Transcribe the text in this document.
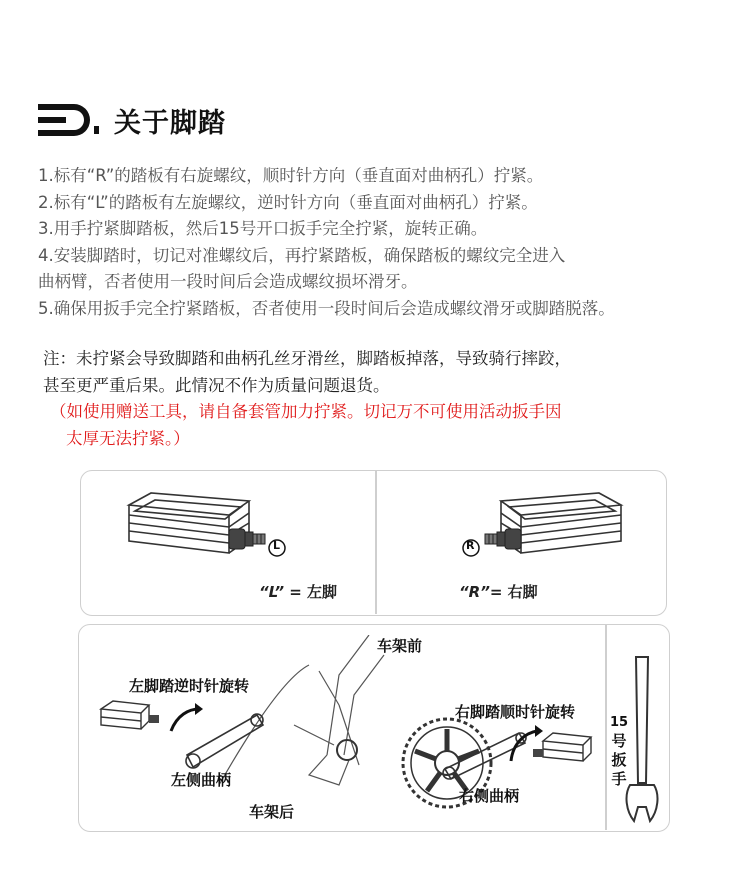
关于脚踏
1.标有“R”的踏板有右旋螺纹，顺时针方向（垂直面对曲柄孔）拧紧。
2.标有“L”的踏板有左旋螺纹，逆时针方向（垂直面对曲柄孔）拧紧。
3.用手拧紧脚踏板，然后15号开口扳手完全拧紧，旋转正确。
4.安装脚踏时，切记对准螺纹后，再拧紧踏板，确保踏板的螺纹完全进入
曲柄臂，否者使用一段时间后会造成螺纹损坏滑牙。
5.确保用扳手完全拧紧踏板，否者使用一段时间后会造成螺纹滑牙或脚踏脱落。
注：未拧紧会导致脚踏和曲柄孔丝牙滑丝，脚踏板掉落，导致骑行摔跤，
甚至更严重后果。此情况不作为质量问题退货。
（如使用赠送工具，请自备套管加力拧紧。切记万不可使用活动扳手因
太厚无法拧紧。）
L
“L” = 左脚
R
“R”= 右脚
车架前
左脚踏逆时针旋转
左侧曲柄
车架后
右脚踏顺时针旋转
右侧曲柄
15
号
扳
手
